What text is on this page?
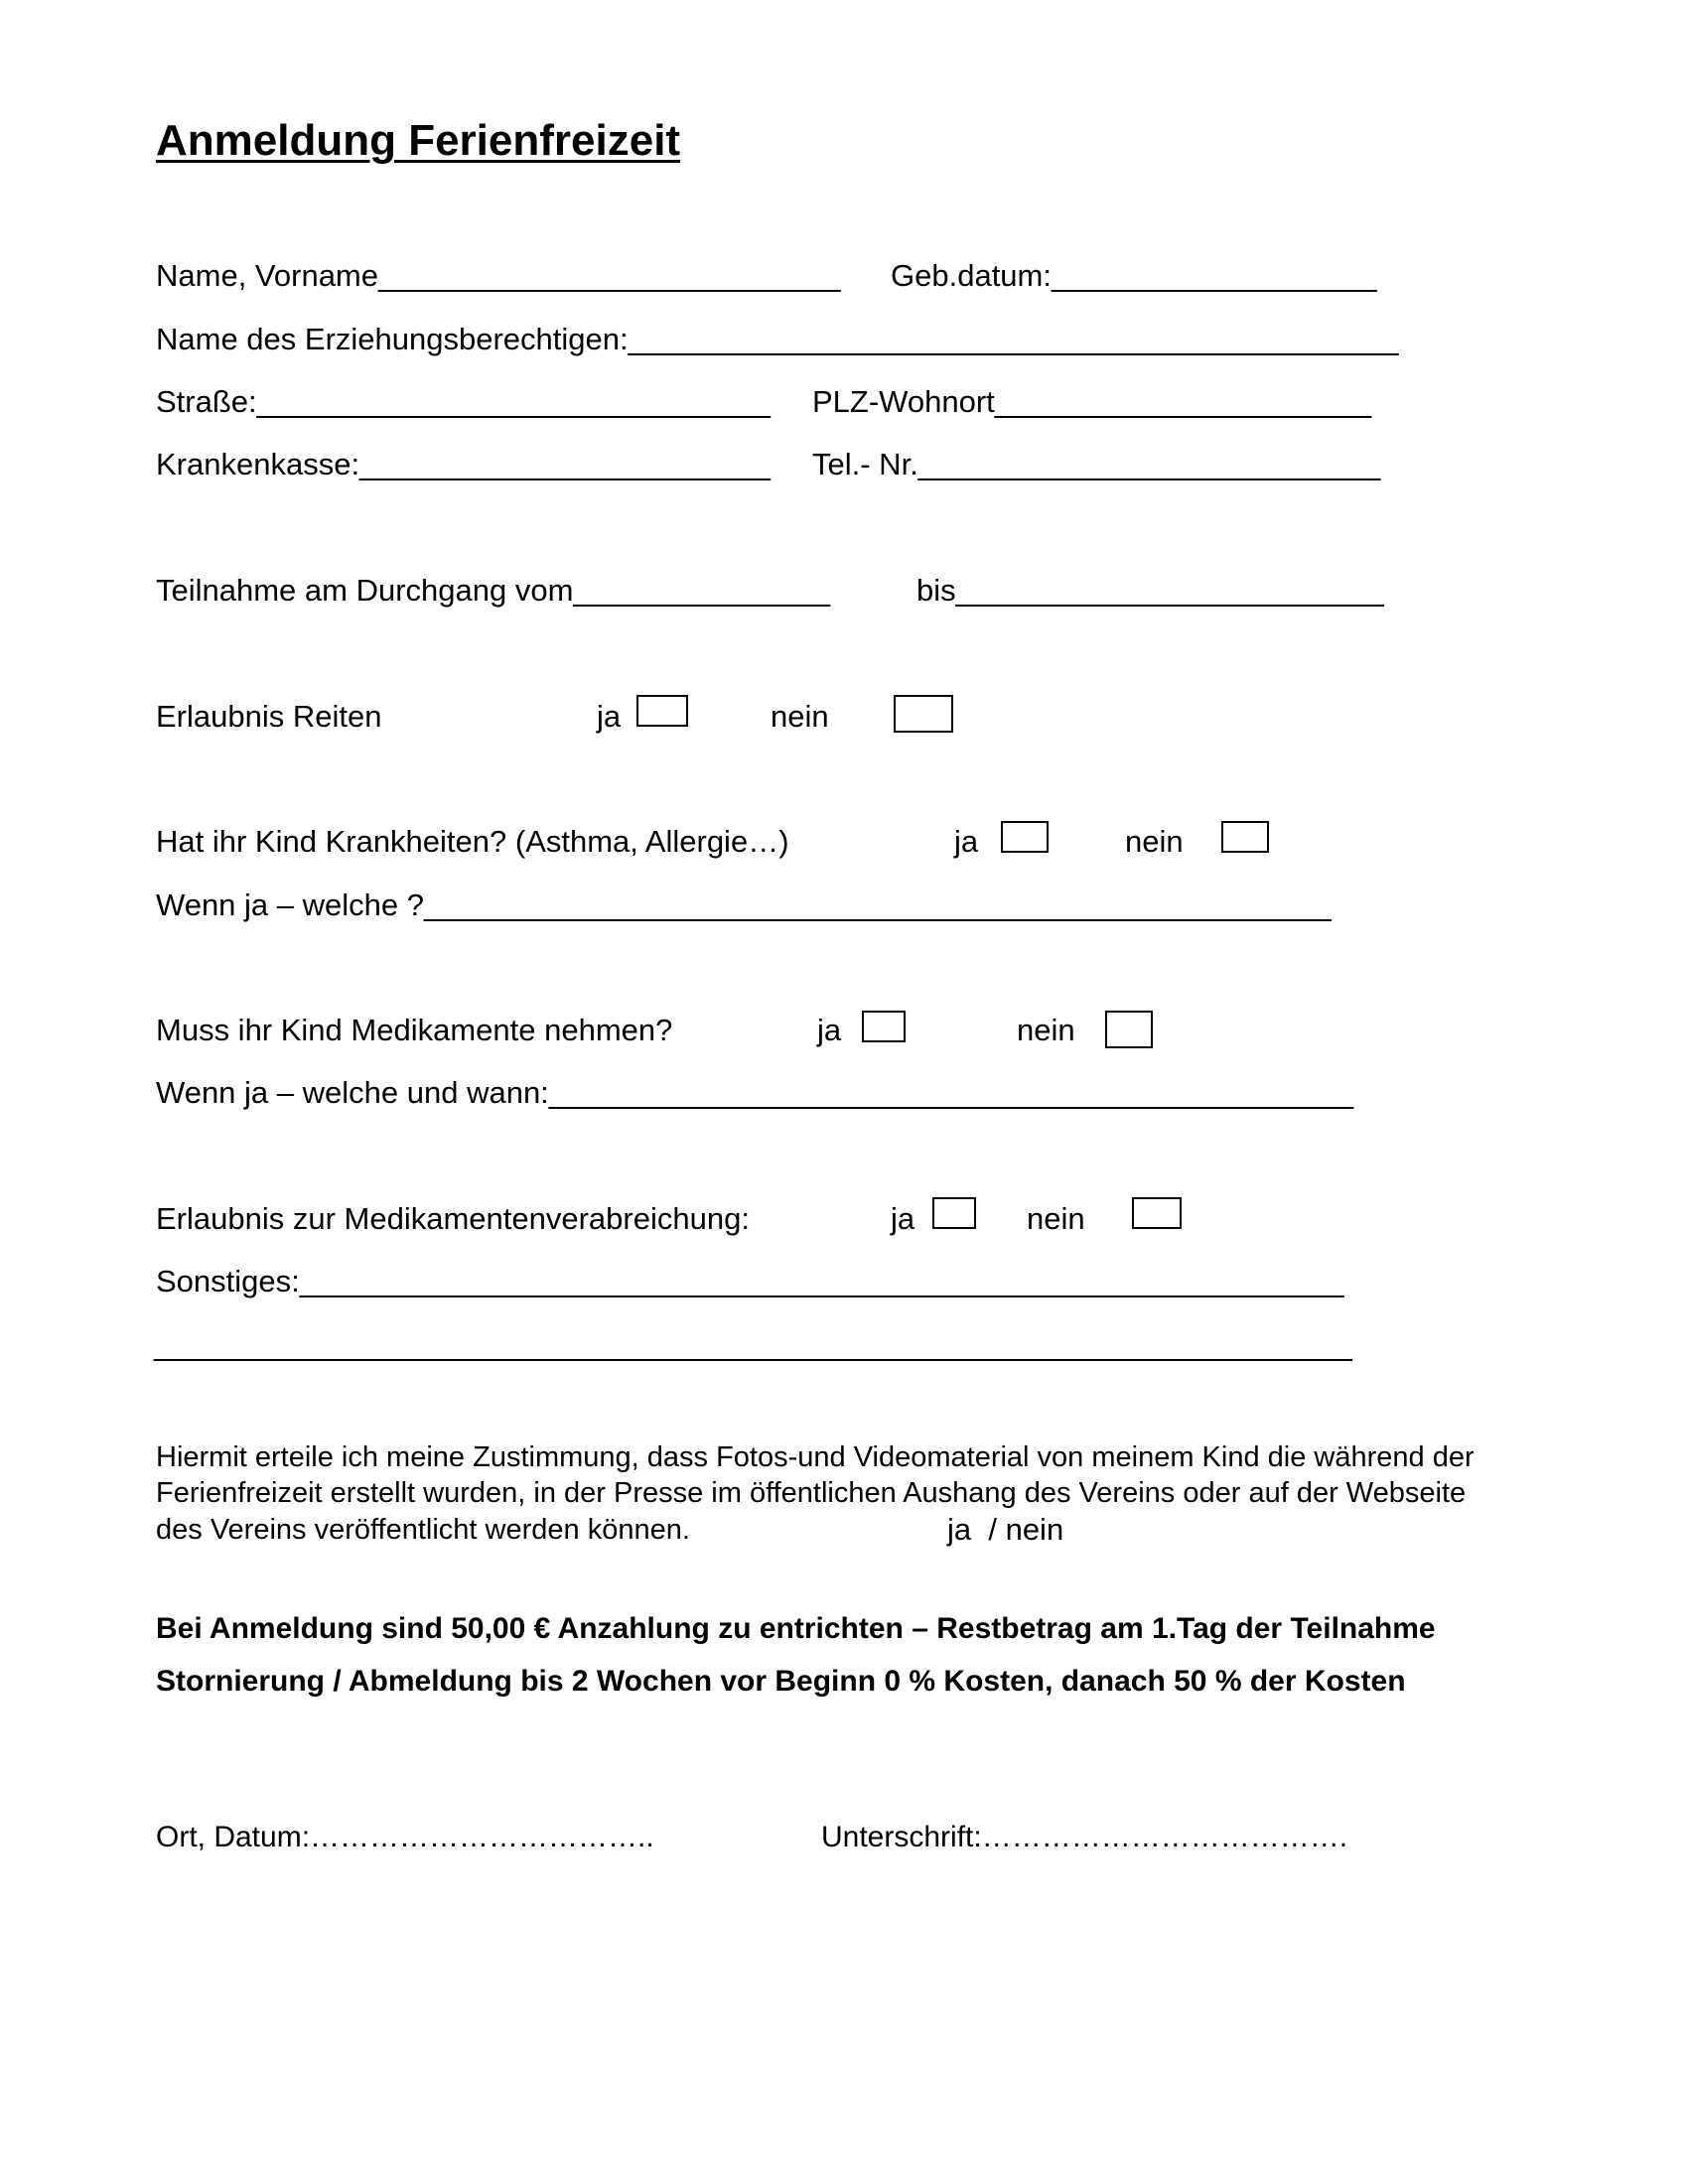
Anmeldung Ferienfreizeit
Name, Vorname___________________________ Geb.datum:___________________
Name des Erziehungsberechtigen:_____________________________________________
Straße:______________________________ PLZ-Wohnort______________________
Krankenkasse:________________________ Tel.- Nr.___________________________
Teilnahme am Durchgang vom_______________	bis_________________________
Erlaubnis Reiten	ja	nein
Hat ihr Kind Krankheiten? (Asthma, Allergie…)	ja	nein
Wenn ja – welche ?_____________________________________________________
Muss ihr Kind Medikamente nehmen?	ja	nein
Wenn ja – welche und wann:_______________________________________________
Erlaubnis zur Medikamentenverabreichung:	ja	nein
Sonstiges:_____________________________________________________________
______________________________________________________________________
Hiermit erteile ich meine Zustimmung, dass Fotos-und Videomaterial von meinem Kind die während der
Ferienfreizeit erstellt wurden, in der Presse im öffentlichen Aushang des Vereins oder auf der Webseite
des Vereins veröffentlicht werden können.	ja  / nein
Bei Anmeldung sind 50,00 € Anzahlung zu entrichten – Restbetrag am 1.Tag der Teilnahme
Stornierung / Abmeldung bis 2 Wochen vor Beginn 0 % Kosten, danach 50 % der Kosten
Ort, Datum:……………………………..	Unterschrift:……………………………….
